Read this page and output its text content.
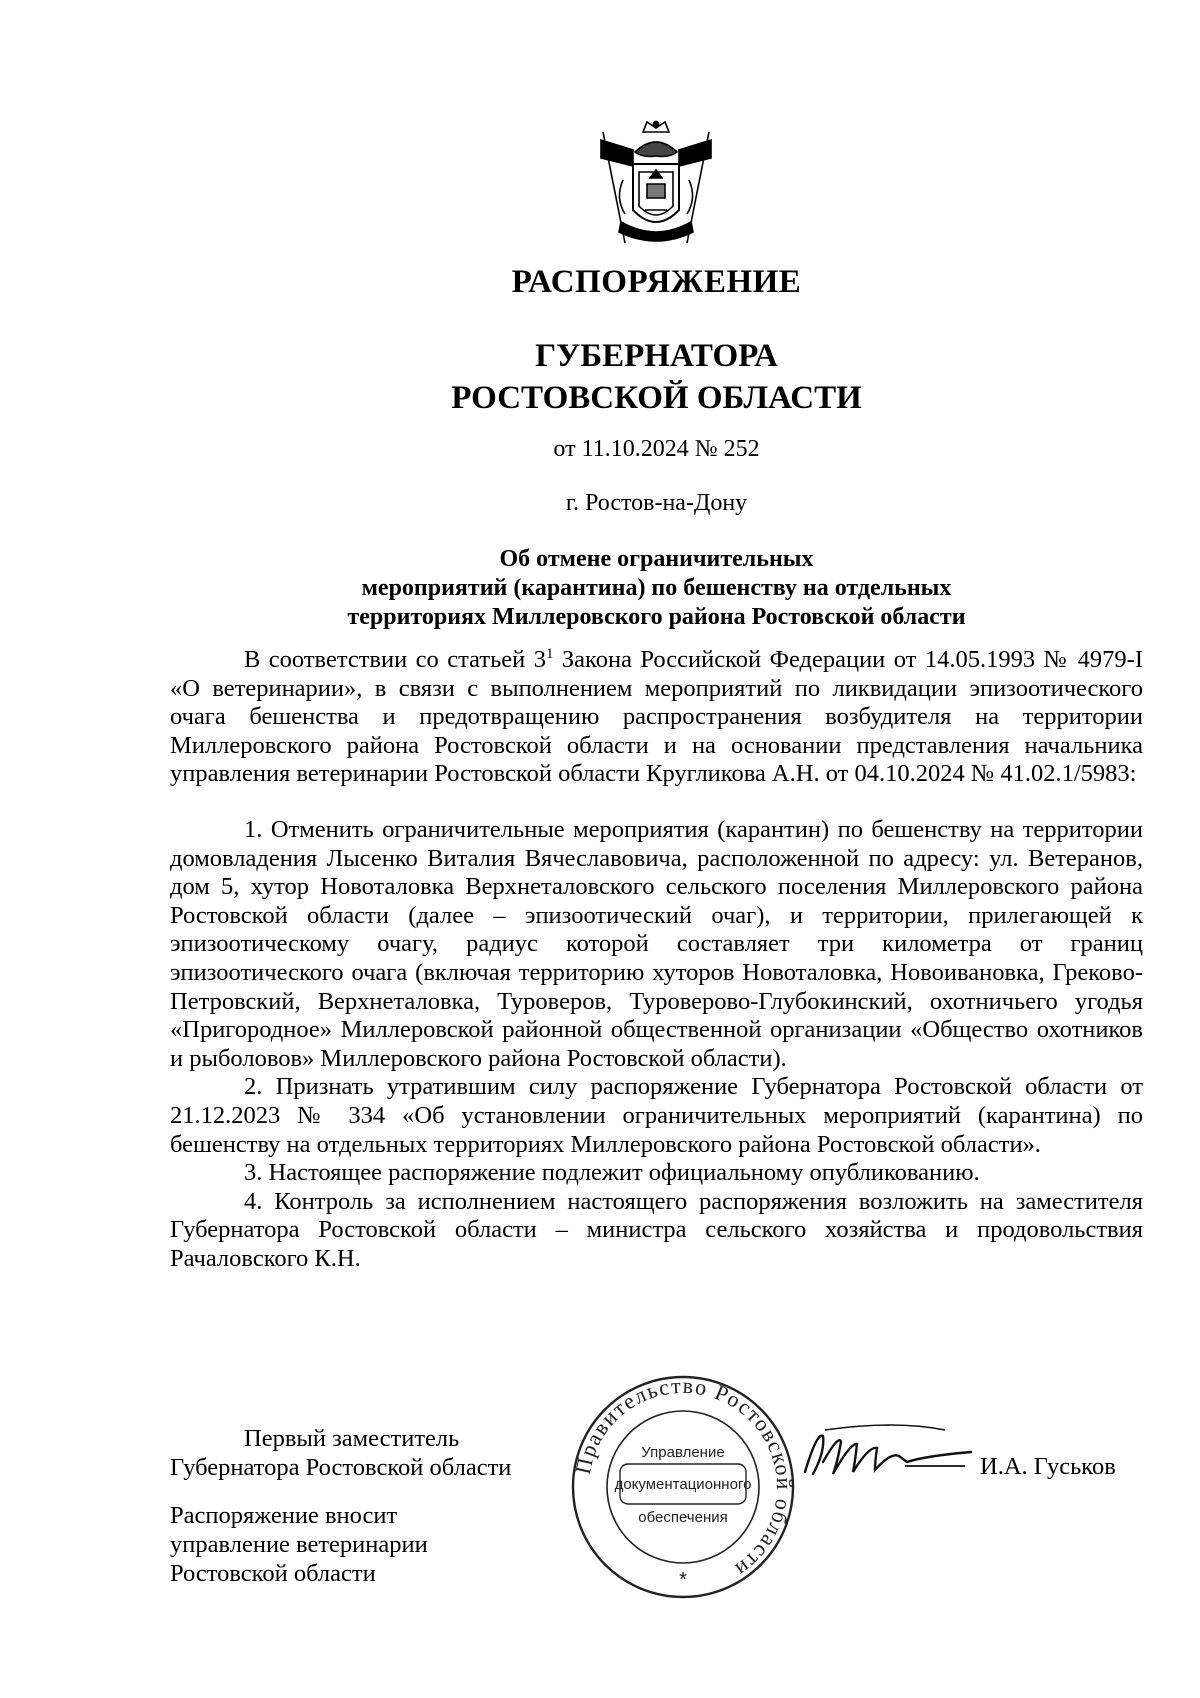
РАСПОРЯЖЕНИЕ
ГУБЕРНАТОРА
РОСТОВСКОЙ ОБЛАСТИ
от 11.10.2024 № 252
г. Ростов-на-Дону
Об отмене ограничительных
мероприятий (карантина) по бешенству на отдельных
территориях Миллеровского района Ростовской области

В соответствии со статьей $3^1$ Закона Российской Федерации от 14.05.1993 № 4979-I «О ветеринарии», в связи с выполнением мероприятий по ликвидации эпизоотического очага бешенства и предотвращению распространения возбудителя на территории Миллеровского района Ростовской области и на основании представления начальника управления ветеринарии Ростовской области Кругликова А.Н. от 04.10.2024 № 41.02.1/5983:

1. Отменить ограничительные мероприятия (карантин) по бешенству на территории домовладения Лысенко Виталия Вячеславовича, расположенной по адресу: ул. Ветеранов, дом 5, хутор Новоталовка Верхнеталовского сельского поселения Миллеровского района Ростовской области (далее – эпизоотический очаг), и территории, прилегающей к эпизоотическому очагу, радиус которой составляет три километра от границ эпизоотического очага (включая территорию хуторов Новоталовка, Новоивановка, Греково-Петровский, Верхнеталовка, Туроверов, Туроверово-Глубокинский, охотничьего угодья «Пригородное» Миллеровской районной общественной организации «Общество охотников и рыболовов» Миллеровского района Ростовской области).

2. Признать утратившим силу распоряжение Губернатора Ростовской области от 21.12.2023 № 334 «Об установлении ограничительных мероприятий (карантина) по бешенству на отдельных территориях Миллеровского района Ростовской области».

3. Настоящее распоряжение подлежит официальному опубликованию.

4. Контроль за исполнением настоящего распоряжения возложить на заместителя Губернатора Ростовской области – министра сельского хозяйства и продовольствия Рачаловского К.Н.

Первый заместитель
Губернатора Ростовской области	И.А. Гуськов
Распоряжение вносит
управление ветеринарии
Ростовской области
Правительство Ростовской области
Управление
документационного
обеспечения
*
